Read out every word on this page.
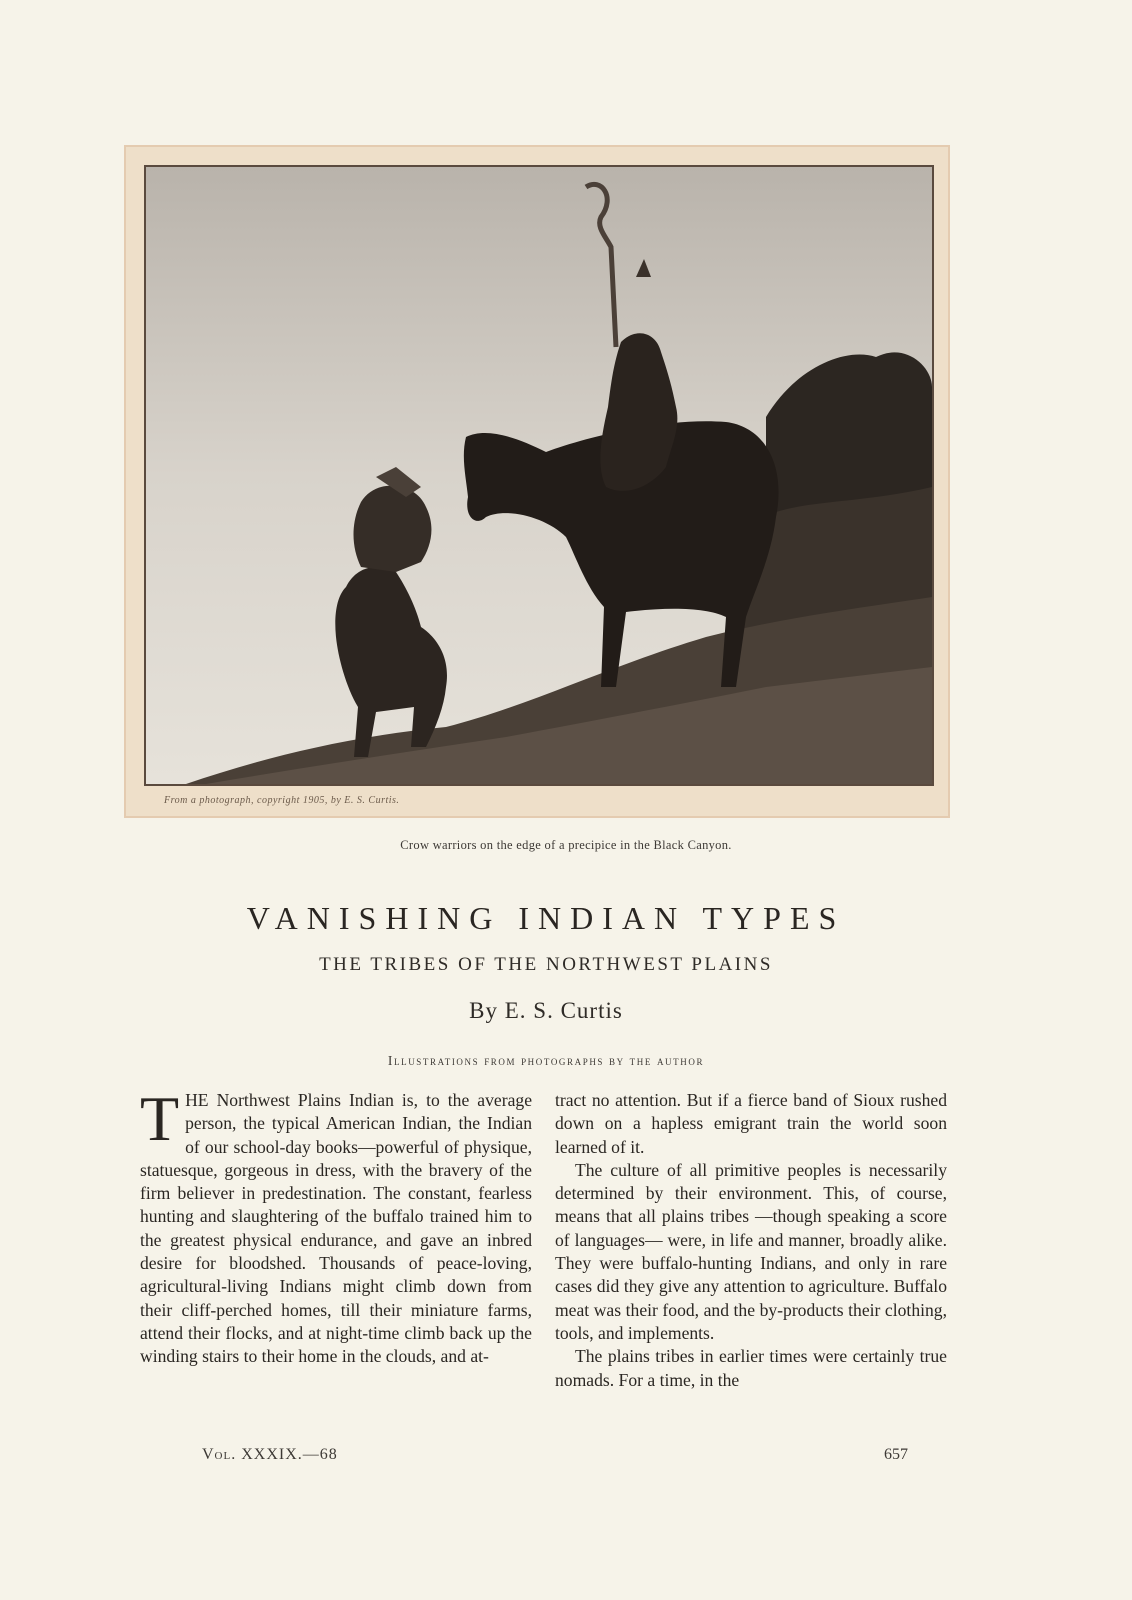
From a photograph, copyright 1905, by E. S. Curtis.
Crow warriors on the edge of a precipice in the Black Canyon.
VANISHING INDIAN TYPES
THE TRIBES OF THE NORTHWEST PLAINS
By E. S. Curtis
Illustrations from photographs by the author

THE Northwest Plains Indian is, to the average person, the typical American Indian, the Indian of our school-day books—powerful of physique, statuesque, gorgeous in dress, with the bravery of the firm believer in predestination. The constant, fearless hunting and slaughtering of the buffalo trained him to the greatest physical endurance, and gave an inbred desire for bloodshed. Thousands of peace-loving, agricultural-living Indians might climb down from their cliff-perched homes, till their miniature farms, attend their flocks, and at night-time climb back up the winding stairs to their home in the clouds, and at-

tract no attention. But if a fierce band of Sioux rushed down on a hapless emigrant train the world soon learned of it.

The culture of all primitive peoples is necessarily determined by their environment. This, of course, means that all plains tribes —though speaking a score of languages— were, in life and manner, broadly alike. They were buffalo-hunting Indians, and only in rare cases did they give any attention to agriculture. Buffalo meat was their food, and the by-products their clothing, tools, and implements.

The plains tribes in earlier times were certainly true nomads. For a time, in the

Vol. XXXIX.—68	657
